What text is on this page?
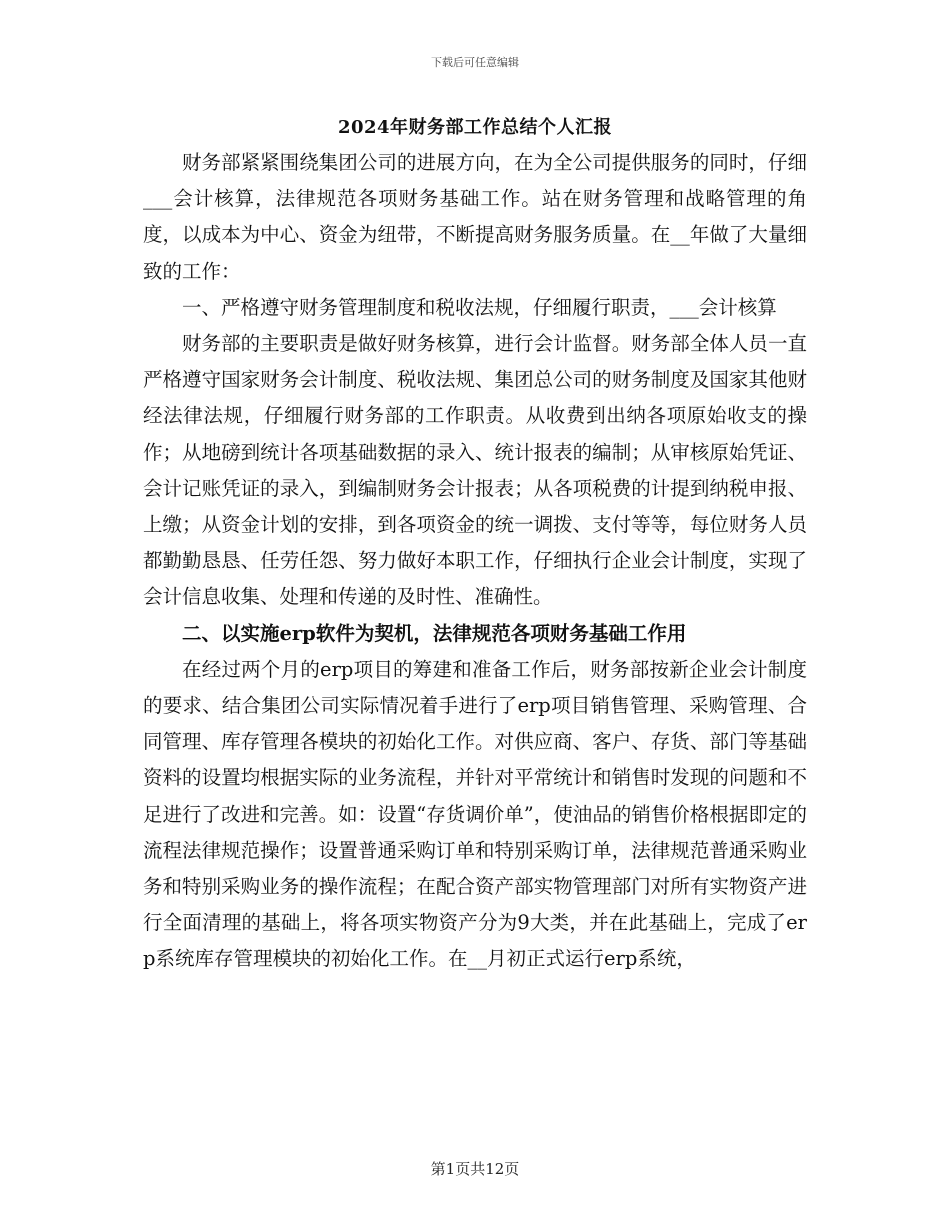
下载后可任意编辑
2024年财务部工作总结个人汇报

财务部紧紧围绕集团公司的进展方向，在为全公司提供服务的同时，仔细___会计核算，法律规范各项财务基础工作。站在财务管理和战略管理的角度，以成本为中心、资金为纽带，不断提高财务服务质量。在__年做了大量细致的工作：

一、严格遵守财务管理制度和税收法规，仔细履行职责，___会计核算

财务部的主要职责是做好财务核算，进行会计监督。财务部全体人员一直严格遵守国家财务会计制度、税收法规、集团总公司的财务制度及国家其他财经法律法规，仔细履行财务部的工作职责。从收费到出纳各项原始收支的操作；从地磅到统计各项基础数据的录入、统计报表的编制；从审核原始凭证、会计记账凭证的录入，到编制财务会计报表；从各项税费的计提到纳税申报、上缴；从资金计划的安排，到各项资金的统一调拨、支付等等，每位财务人员都勤勤恳恳、任劳任怨、努力做好本职工作，仔细执行企业会计制度，实现了会计信息收集、处理和传递的及时性、准确性。

二、以实施erp软件为契机，法律规范各项财务基础工作用

在经过两个月的erp项目的筹建和准备工作后，财务部按新企业会计制度的要求、结合集团公司实际情况着手进行了erp项目销售管理、采购管理、合同管理、库存管理各模块的初始化工作。对供应商、客户、存货、部门等基础资料的设置均根据实际的业务流程，并针对平常统计和销售时发现的问题和不足进行了改进和完善。如：设置“存货调价单”，使油品的销售价格根据即定的流程法律规范操作；设置普通采购订单和特别采购订单，法律规范普通采购业务和特别采购业务的操作流程；在配合资产部实物管理部门对所有实物资产进行全面清理的基础上，将各项实物资产分为9大类，并在此基础上，完成了erp系统库存管理模块的初始化工作。在__月初正式运行erp系统，

第1页共12页
